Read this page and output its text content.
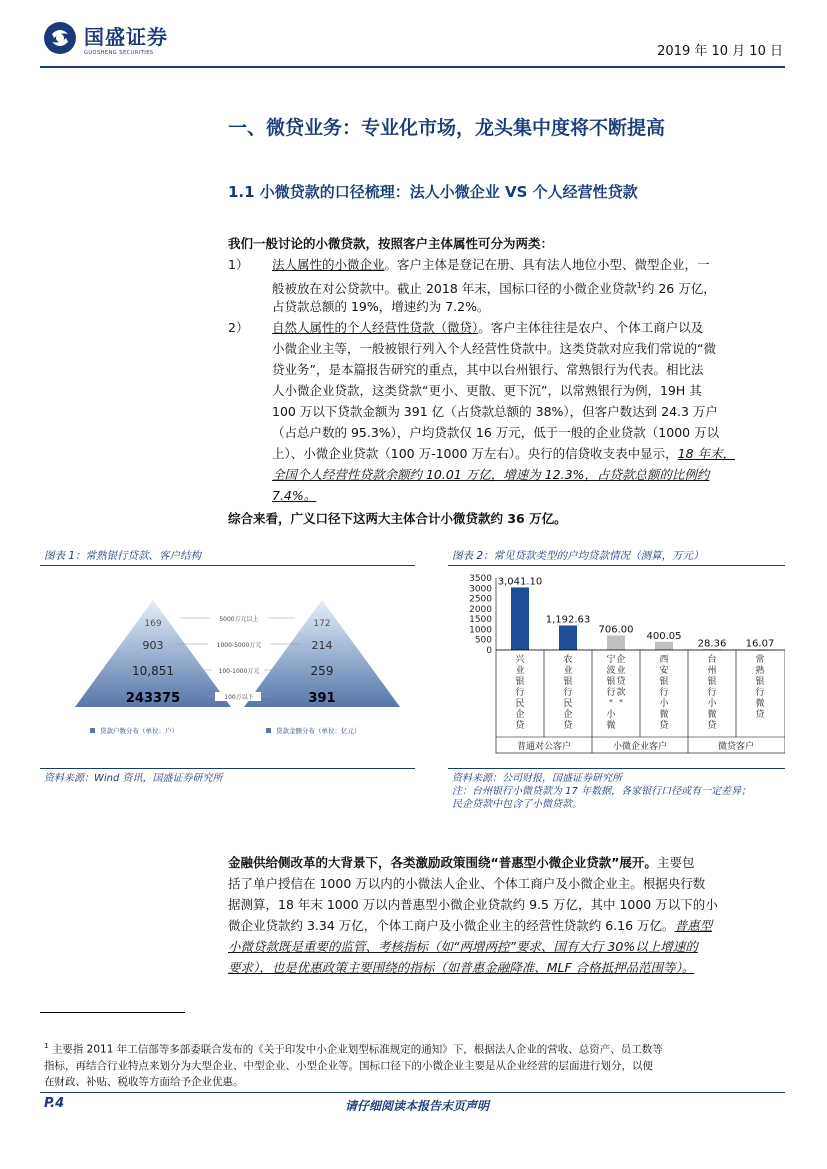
国盛证券
GUOSHENG SECURITIES	2019 年 10 月 10 日
一、微贷业务：专业化市场，龙头集中度将不断提高
1.1 小微贷款的口径梳理：法人小微企业 VS 个人经营性贷款
我们一般讨论的小微贷款，按照客户主体属性可分为两类：
1） 法人属性的小微企业。客户主体是登记在册、具有法人地位小型、微型企业，一
般被放在对公贷款中。截止 2018 年末，国标口径的小微企业贷款$^1$约 26 万亿，
占贷款总额的 19%，增速约为 7.2%。
2） 自然人属性的个人经营性贷款（微贷）。客户主体往往是农户、个体工商户以及
小微企业主等，一般被银行列入个人经营性贷款中。这类贷款对应我们常说的“微
贷业务”，是本篇报告研究的重点，其中以台州银行、常熟银行为代表。相比法
人小微企业贷款，这类贷款“更小、更散、更下沉”，以常熟银行为例，19H 其
100 万以下贷款金额为 391 亿（占贷款总额的 38%），但客户数达到 24.3 万户
（占总户数的 95.3%），户均贷款仅 16 万元，低于一般的企业贷款（1000 万以
上）、小微企业贷款（100 万-1000 万左右）。央行的信贷收支表中显示，18 年末，
全国个人经营性贷款余额约 10.01 万亿，增速为 12.3%，占贷款总额的比例约
7.4%。
综合来看，广义口径下这两大主体合计小微贷款约 36 万亿。
图表 1：常熟银行贷款、客户结构
169
903
10,851
243375
172
214
259
391
5000万元以上
1000-5000万元
100-1000万元
100万以下
贷款户数分布（单位：户）	贷款金额分布（单位：亿元）
资料来源：Wind 资讯，国盛证券研究所
图表 2：常见贷款类型的户均贷款情况（测算，万元）
3500
3000
2500
2000
1500
1000
500
0
3,041.10
1,192.63
706.00
400.05
28.36 16.07
普通对公客户	小微企业客户	微贷客户
兴业银行民企贷
农业银行民企贷
宁波银行"小微企业贷款"
西安银行小微贷
台州银行小微贷
常熟银行微贷
资料来源：公司财报，国盛证券研究所
注：台州银行小微贷款为 17 年数据，各家银行口径或有一定差异；
民企贷款中包含了小微贷款。
金融供给侧改革的大背景下，各类激励政策围绕“普惠型小微企业贷款”展开。主要包
括了单户授信在 1000 万以内的小微法人企业、个体工商户及小微企业主。根据央行数
据测算，18 年末 1000 万以内普惠型小微企业贷款约 9.5 万亿，其中 1000 万以下的小
微企业贷款约 3.34 万亿，个体工商户及小微企业主的经营性贷款约 6.16 万亿。普惠型
小微贷款既是重要的监管、考核指标（如“两增两控”要求、国有大行 30%以上增速的
要求），也是优惠政策主要围绕的指标（如普惠金融降准、MLF 合格抵押品范围等）。
$^1$ 主要指 2011 年工信部等多部委联合发布的《关于印发中小企业划型标准规定的通知》下，根据法人企业的营收、总资产、员工数等
指标，再结合行业特点来划分为大型企业、中型企业、小型企业等。国标口径下的小微企业主要是从企业经营的层面进行划分，以便
在财政、补贴、税收等方面给予企业优惠。
P.4	请仔细阅读本报告末页声明
